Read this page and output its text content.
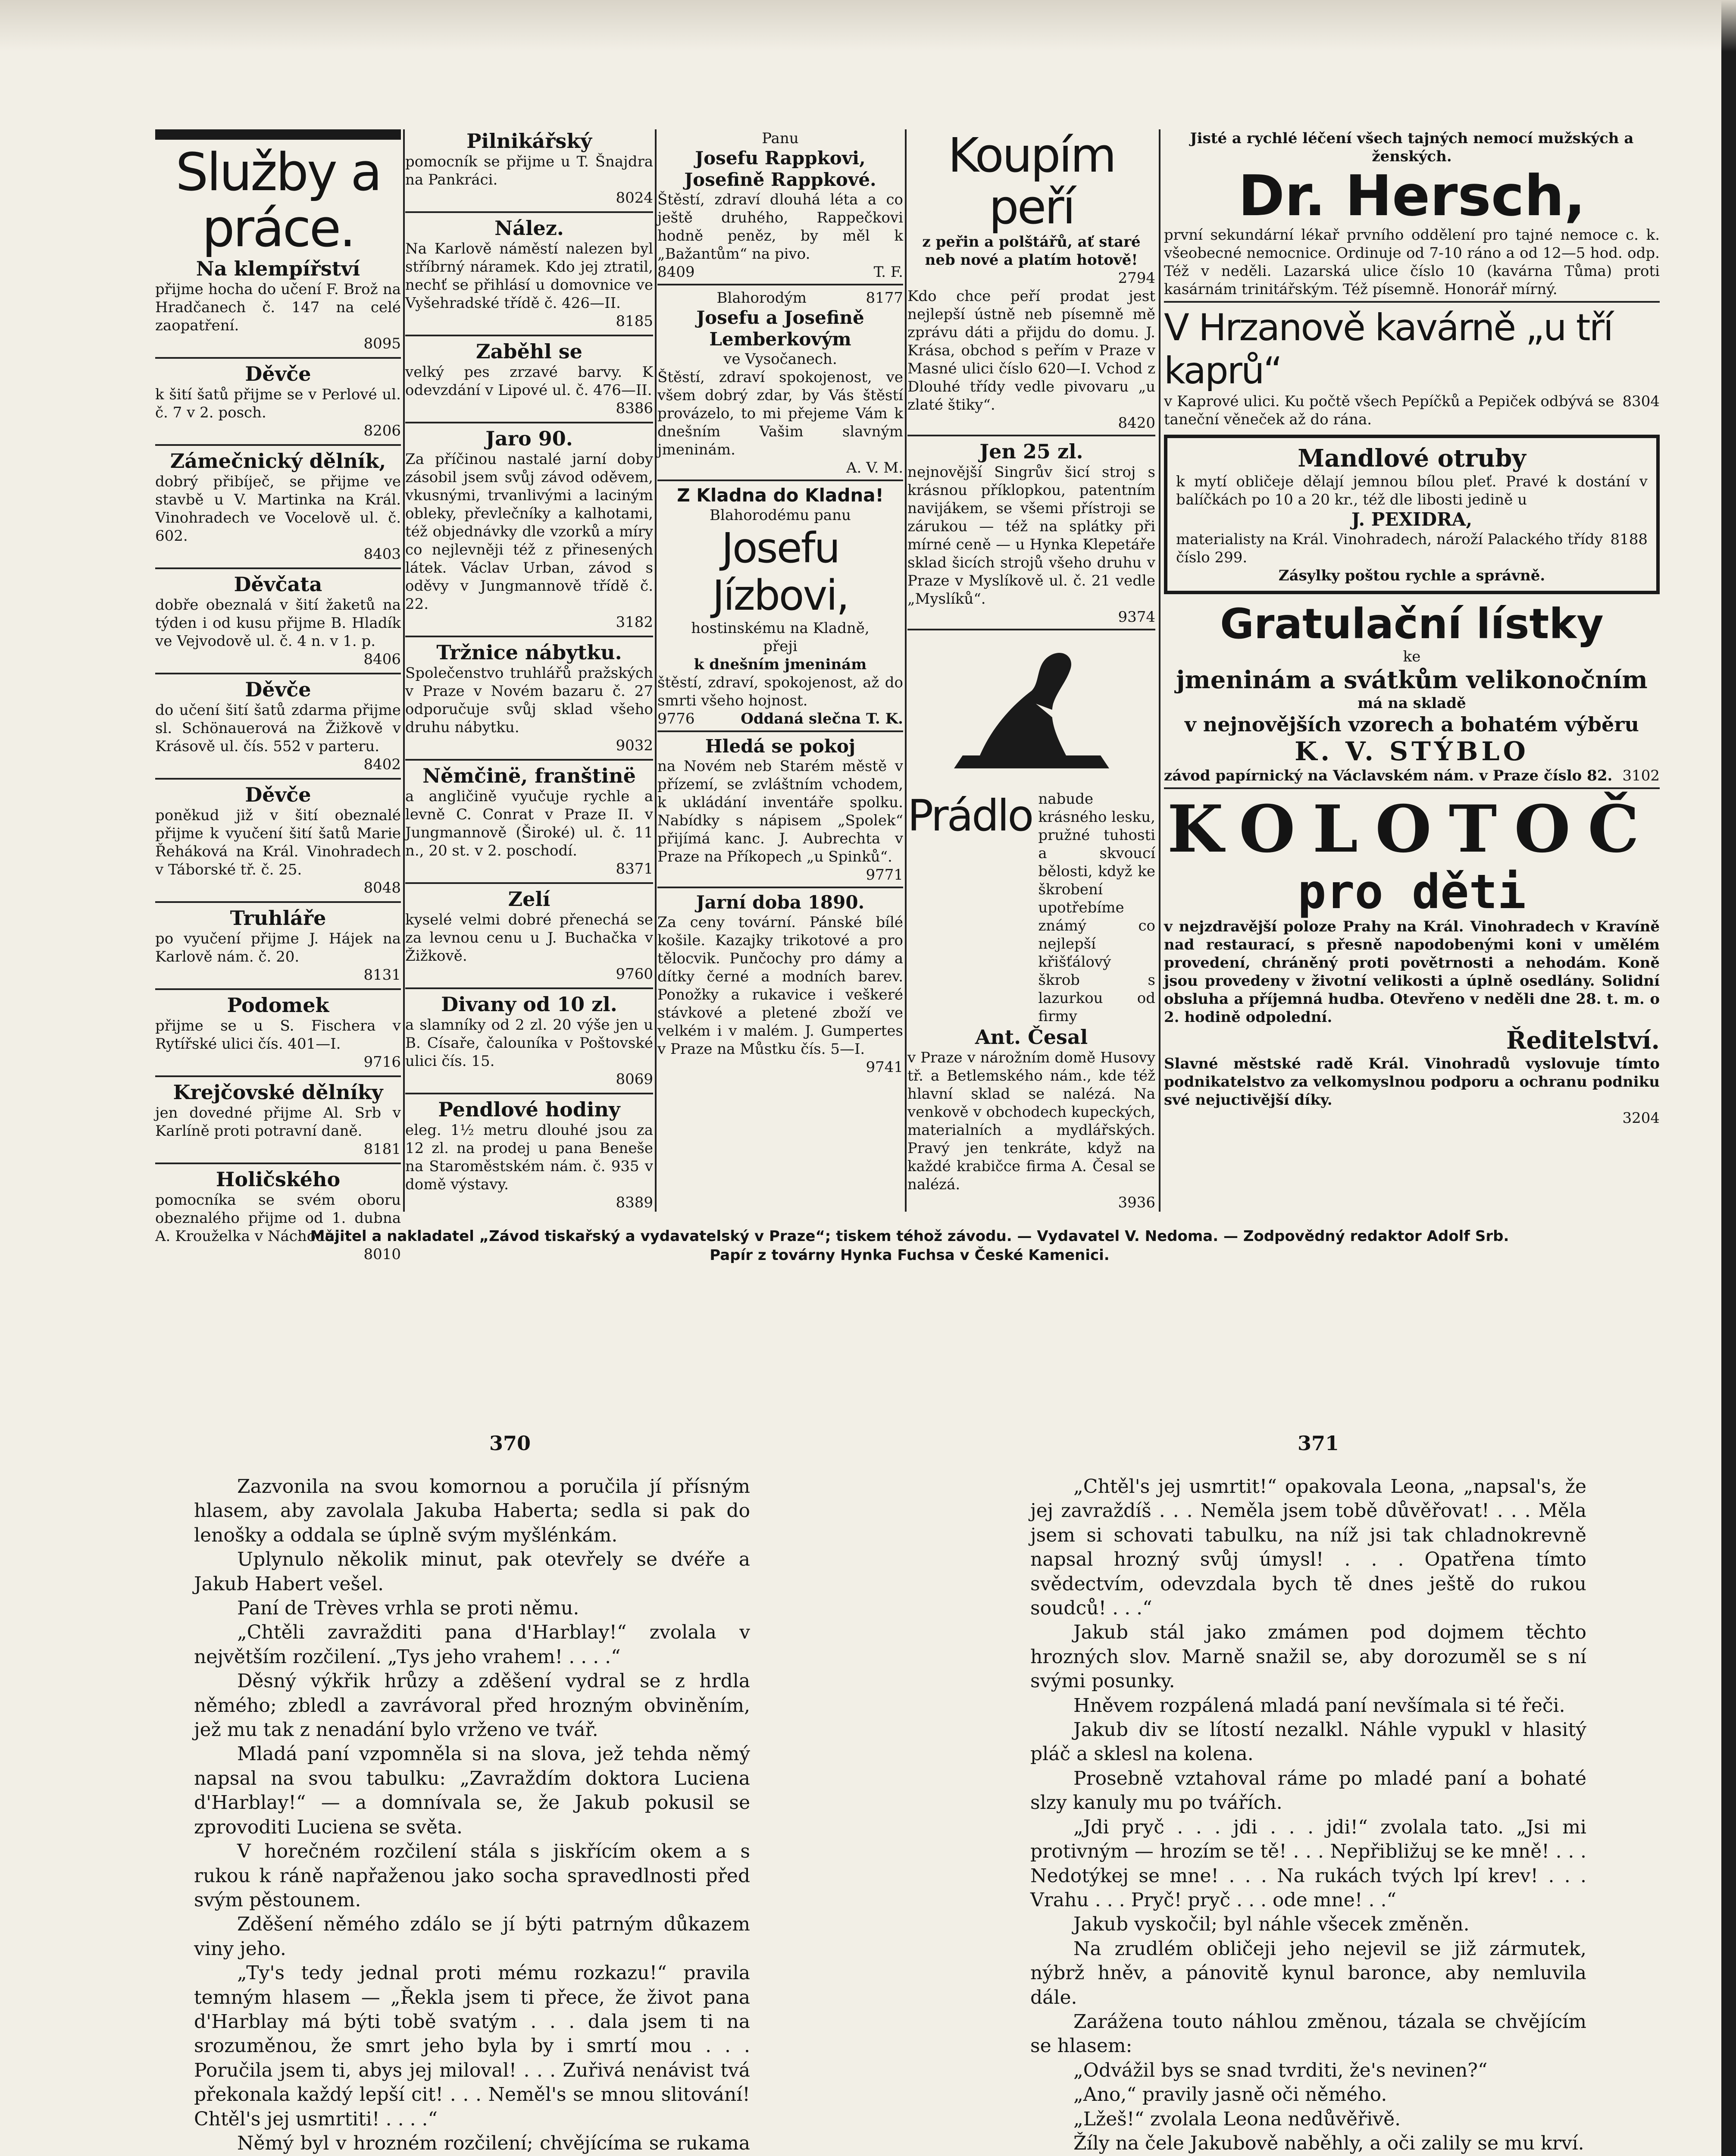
Služby a práce.
Na klempířství
přijme hocha do učení F. Brož na Hradčanech č. 147 na celé zaopatření.
8095
Děvče
k šití šatů přijme se v Perlové ul. č. 7 v 2. posch.
8206
Zámečnický dělník,
dobrý přibíječ, se přijme ve stavbě u V. Martinka na Král. Vinohradech ve Vocelově ul. č. 602.
8403
Děvčata
dobře obeznalá v šití žaketů na týden i od kusu přijme B. Hladík ve Vejvodově ul. č. 4 n. v 1. p.
8406
Děvče
do učení šití šatů zdarma přijme sl. Schönauerová na Žižkově v Krásově ul. čís. 552 v parteru.
8402
Děvče
poněkud již v šití obeznalé přijme k vyučení šití šatů Marie Řeháková na Král. Vinohradech v Táborské tř. č. 25.
8048
Truhláře
po vyučení přijme J. Hájek na Karlově nám. č. 20.
8131
Podomek
přijme se u S. Fischera v Rytířské ulici čís. 401—I.
9716
Krejčovské dělníky
jen dovedné přijme Al. Srb v Karlíně proti potravní daně.
8181
Holičského
pomocníka se svém oboru obeznalého přijme od 1. dubna A. Krouželka v Náchodě.
8010
Pilnikářský
pomocník se přijme u T. Šnajdra na Pankráci.
8024
Nález.
Na Karlově náměstí nalezen byl stříbrný náramek. Kdo jej ztratil, nechť se přihlásí u domovnice ve Vyšehradské třídě č. 426—II.
8185
Zaběhl se
velký pes zrzavé barvy. K odevzdání v Lipové ul. č. 476—II.
8386
Jaro 90.
Za příčinou nastalé jarní doby zásobil jsem svůj závod oděvem, vkusnými, trvanlivými a laciným obleky, převlečníky a kalhotami, též objednávky dle vzorků a míry co nejlevněji též z přinesených látek. Václav Urban, závod s oděvy v Jungmannově třídě č. 22.
3182
Tržnice nábytku.
Společenstvo truhlářů pražských v Praze v Novém bazaru č. 27 odporučuje svůj sklad všeho druhu nábytku.
9032
Němčinë, franštinë
a angličině vyučuje rychle a levně C. Conrat v Praze II. v Jungmannově (Široké) ul. č. 11 n., 20 st. v 2. poschodí.
8371
Zelí
kyselé velmi dobré přenechá se za levnou cenu u J. Buchačka v Žižkově.
9760
Divany od 10 zl.
a slamníky od 2 zl. 20 výše jen u B. Císaře, čalouníka v Poštovské ulici čís. 15.
8069
Pendlové hodiny
eleg. 1½ metru dlouhé jsou za 12 zl. na prodej u pana Beneše na Staroměstském nám. č. 935 v domě výstavy.
8389
Panu
Josefu Rappkovi, Josefině Rappkové.
Štěstí, zdraví dlouhá léta a co ještě druhého, Rappečkovi hodně peněz, by měl k „Bažantům“ na pivo.
8409	T. F.
Blahorodým	8177
Josefu a Josefině Lemberkovým
ve Vysočanech.
Štěstí, zdraví spokojenost, ve všem dobrý zdar, by Vás štěstí provázelo, to mi přejeme Vám k dnešním Vašim slavným jmeninám.
A. V. M.
Z Kladna do Kladna!
Blahorodému panu
Josefu Jízbovi,
hostinskému na Kladně,
přeji
k dnešním jmeninám
štěstí, zdraví, spokojenost, až do smrti všeho hojnost.
9776	Oddaná slečna T. K.
Hledá se pokoj
na Novém neb Starém městě v přízemí, se zvláštním vchodem, k ukládání inventáře spolku. Nabídky s nápisem „Spolek“ přijímá kanc. J. Aubrechta v Praze na Příkopech „u Spinků“.
9771
Jarní doba 1890.
Za ceny tovární. Pánské bílé košile. Kazajky trikotové a pro tělocvik. Punčochy pro dámy a dítky černé a modních barev. Ponožky a rukavice i veškeré stávkové a pletené zboží ve velkém i v malém. J. Gumpertes v Praze na Můstku čís. 5—I.
9741
Koupím peří
z peřin a polštářů, ať staré neb nové a platím hotově!
2794
Kdo chce peří prodat jest nejlepší ústně neb písemně mě zprávu dáti a přijdu do domu. J. Krása, obchod s peřím v Praze v Masné ulici číslo 620—I. Vchod z Dlouhé třídy vedle pivovaru „u zlaté štiky“.
8420
Jen 25 zl.
nejnovější Singrův šicí stroj s krásnou příklopkou, patentním navijákem, se všemi přístroji se zárukou — též na splátky při mírné ceně — u Hynka Klepetáře sklad šicích strojů všeho druhu v Praze v Myslíkově ul. č. 21 vedle „Myslíků“.
9374
Prádlo nabude krásného lesku, pružné tuhosti a skvoucí bělosti, když ke škrobení upotřebíme známý co nejlepší křišťálový škrob s lazurkou od firmy
Ant. Česal
v Praze v nárožním domě Husovy tř. a Betlemského nám., kde též hlavní sklad se nalézá. Na venkově v obchodech kupeckých, materialních a mydlářských. Pravý jen tenkráte, když na každé krabičce firma A. Česal se nalézá.
3936
Jisté a rychlé léčení všech tajných nemocí mužských a ženských.
Dr. Hersch,
první sekundární lékař prvního oddělení pro tajné nemoce c. k. všeobecné nemocnice. Ordinuje od 7-10 ráno a od 12—5 hod. odp. Též v neděli. Lazarská ulice číslo 10 (kavárna Tůma) proti kasárnám trinitářským. Též písemně. Honorář mírný.
V Hrzanově kavárně „u tří kaprů“
v Kaprové ulici. Ku počtě všech Pepíčků a Pepiček odbývá se taneční věneček až do rána.
8304
Mandlové otruby
k mytí obličeje dělají jemnou bílou pleť. Pravé k dostání v balíčkách po 10 a 20 kr., též dle libosti jedině u
J. PEXIDRA,
materialisty na Král. Vinohradech, nároží Palackého třídy číslo 299.
8188
Zásylky poštou rychle a správně.
Gratulační lístky
ke
jmeninám a svátkům velikonočním
má na skladě
v nejnovějších vzorech a bohatém výběru
K. V. STÝBLO
závod papírnický na Václavském nám. v Praze číslo 82. 3102
KOLOTOČ
pro děti
v nejzdravější poloze Prahy na Král. Vinohradech v Kravíně nad restaurací, s přesně napodobenými koni v umělém provedení, chráněný proti povětrnosti a nehodám. Koně jsou provedeny v životní velikosti a úplně osedlány. Solidní obsluha a příjemná hudba. Otevřeno v neděli dne 28. t. m. o 2. hodině odpolední.
Ředitelství.
Slavné městské radě Král. Vinohradů vyslovuje tímto podnikatelstvo za velkomyslnou podporu a ochranu podniku své nejuctivější díky.
3204
Majitel a nakladatel „Závod tiskařský a vydavatelský v Praze“; tiskem téhož závodu. — Vydavatel V. Nedoma. — Zodpovědný redaktor Adolf Srb.
Papír z továrny Hynka Fuchsa v České Kamenici.
370	371

Zazvonila na svou komornou a poručila jí přísným hlasem, aby zavolala Jakuba Haberta; sedla si pak do lenošky a oddala se úplně svým myšlénkám.

Uplynulo několik minut, pak otevřely se dvéře a Jakub Habert vešel.

Paní de Trèves vrhla se proti němu.

„Chtěli zavražditi pana d'Harblay!“ zvolala v největším rozčilení. „Tys jeho vrahem! . . . .“

Děsný výkřik hrůzy a zděšení vydral se z hrdla němého; zbledl a zavrávoral před hrozným obviněním, jež mu tak z nenadání bylo vrženo ve tvář.

Mladá paní vzpomněla si na slova, jež tehda němý napsal na svou tabulku: „Zavraždím doktora Luciena d'Harblay!“ — a domnívala se, že Jakub pokusil se zprovoditi Luciena se světa.

V horečném rozčilení stála s jiskřícím okem a s rukou k ráně napřaženou jako socha spravedlnosti před svým pěstounem.

Zděšení němého zdálo se jí býti patrným důkazem viny jeho.

„Ty's tedy jednal proti mému rozkazu!“ pravila temným hlasem — „Řekla jsem ti přece, že život pana d'Harblay má býti tobě svatým . . . dala jsem ti na srozuměnou, že smrt jeho byla by i smrtí mou . . . Poručila jsem ti, abys jej miloval! . . . Zuřivá nenávist tvá překonala každý lepší cit! . . . Neměl's se mnou slitování! Chtěl's jej usmrtiti! . . . .“

Němý byl v hrozném rozčilení; chvějícíma se rukama

„Chtěl's jej usmrtit!“ opakovala Leona, „napsal's, že jej zavraždíš . . . Neměla jsem tobě důvěřovat! . . . Měla jsem si schovati tabulku, na níž jsi tak chladnokrevně napsal hrozný svůj úmysl! . . . Opatřena tímto svědectvím, odevzdala bych tě dnes ještě do rukou soudců! . . .“

Jakub stál jako zmámen pod dojmem těchto hrozných slov. Marně snažil se, aby dorozuměl se s ní svými posunky.

Hněvem rozpálená mladá paní nevšímala si té řeči.

Jakub div se lítostí nezalkl. Náhle vypukl v hlasitý pláč a sklesl na kolena.

Prosebně vztahoval ráme po mladé paní a bohaté slzy kanuly mu po tvářích.

„Jdi pryč . . . jdi . . . jdi!“ zvolala tato. „Jsi mi protivným — hrozím se tě! . . . Nepřibližuj se ke mně! . . . Nedotýkej se mne! . . . Na rukách tvých lpí krev! . . . Vrahu . . . Pryč! pryč . . . ode mne! . .“

Jakub vyskočil; byl náhle všecek změněn.

Na zrudlém obličeji jeho nejevil se již zármutek, nýbrž hněv, a pánovitě kynul baronce, aby nemluvila dále.

Zarážena touto náhlou změnou, tázala se chvějícím se hlasem:

„Odvážil bys se snad tvrditi, že's nevinen?“

„Ano,“ pravily jasně oči němého.

„Lžeš!“ zvolala Leona nedůvěřivě.

Žíly na čele Jakubově naběhly, a oči zalily se mu krví.
